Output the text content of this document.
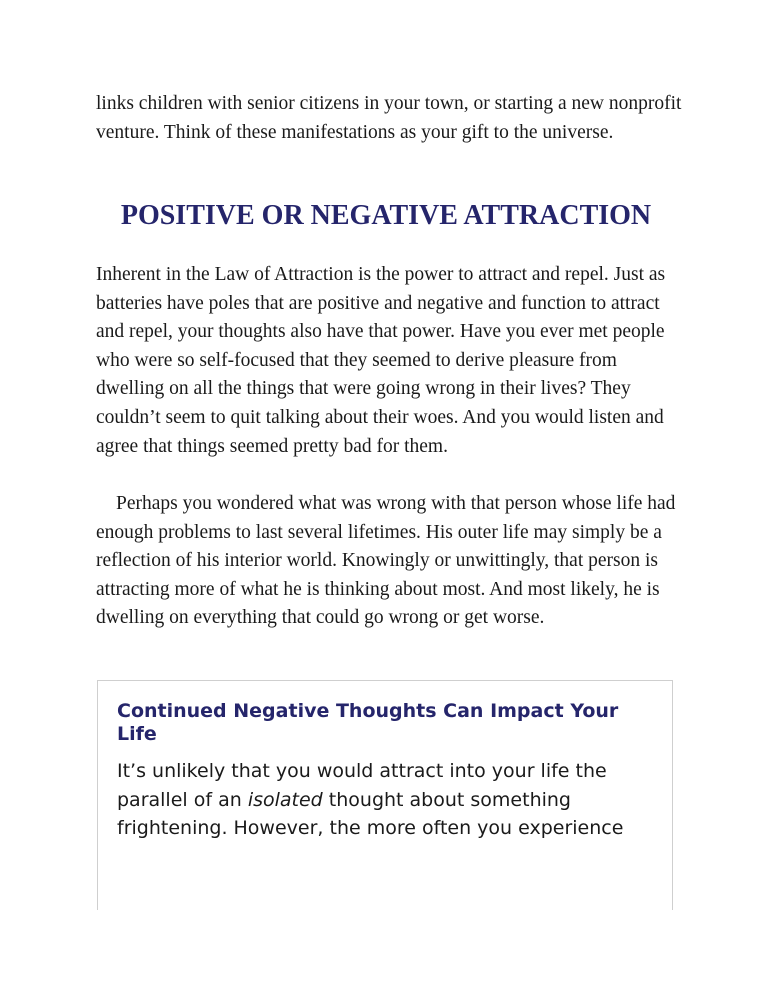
links children with senior citizens in your town, or starting a new nonprofit venture. Think of these manifestations as your gift to the universe.

POSITIVE OR NEGATIVE ATTRACTION

Inherent in the Law of Attraction is the power to attract and repel. Just as batteries have poles that are positive and negative and function to attract and repel, your thoughts also have that power. Have you ever met people who were so self-focused that they seemed to derive pleasure from dwelling on all the things that were going wrong in their lives? They couldn’t seem to quit talking about their woes. And you would listen and agree that things seemed pretty bad for them.

Perhaps you wondered what was wrong with that person whose life had enough problems to last several lifetimes. His outer life may simply be a reflection of his interior world. Knowingly or unwittingly, that person is attracting more of what he is thinking about most. And most likely, he is dwelling on everything that could go wrong or get worse.

Continued Negative Thoughts Can Impact Your Life

It’s unlikely that you would attract into your life the parallel of an isolated thought about something frightening. However, the more often you experience
